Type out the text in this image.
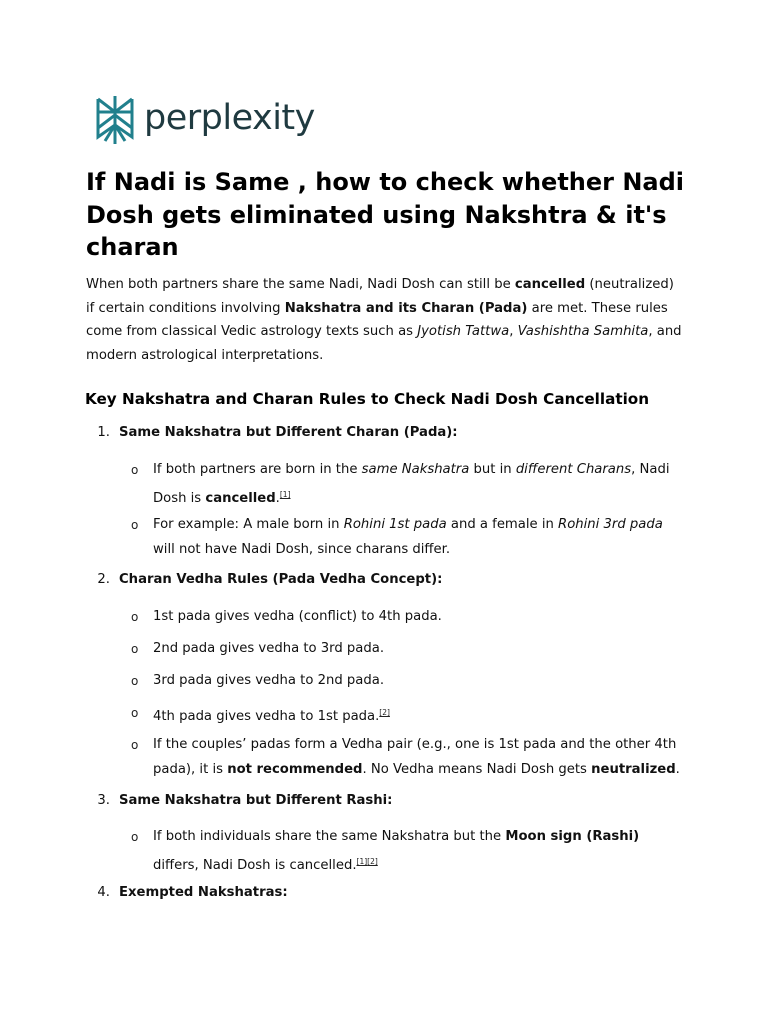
perplexity
If Nadi is Same , how to check whether Nadi Dosh gets eliminated using Nakshtra & it's charan

When both partners share the same Nadi, Nadi Dosh can still be cancelled (neutralized) if certain conditions involving Nakshatra and its Charan (Pada) are met. These rules come from classical Vedic astrology texts such as Jyotish Tattwa, Vashishtha Samhita, and modern astrological interpretations.

Key Nakshatra and Charan Rules to Check Nadi Dosh Cancellation
1. Same Nakshatra but Different Charan (Pada):
o If both partners are born in the same Nakshatra but in different Charans, Nadi Dosh is cancelled.[1]
o For example: A male born in Rohini 1st pada and a female in Rohini 3rd pada will not have Nadi Dosh, since charans differ.
2. Charan Vedha Rules (Pada Vedha Concept):
o 1st pada gives vedha (conflict) to 4th pada.
o 2nd pada gives vedha to 3rd pada.
o 3rd pada gives vedha to 2nd pada.
o 4th pada gives vedha to 1st pada.[2]
o If the couples’ padas form a Vedha pair (e.g., one is 1st pada and the other 4th pada), it is not recommended. No Vedha means Nadi Dosh gets neutralized.
3. Same Nakshatra but Different Rashi:
o If both individuals share the same Nakshatra but the Moon sign (Rashi) differs, Nadi Dosh is cancelled.[1][2]
4. Exempted Nakshatras:
